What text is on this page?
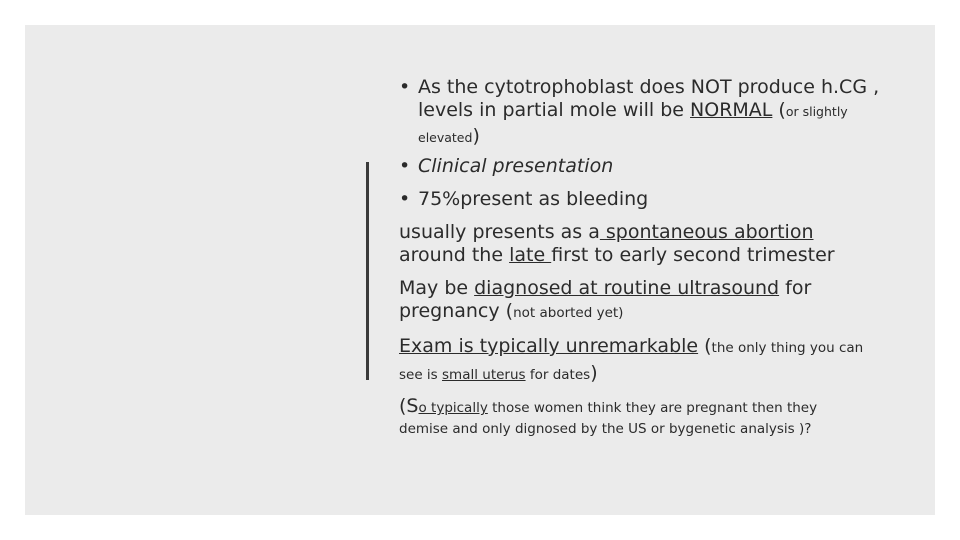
• As the cytotrophoblast does NOT produce h.CG ,
levels in partial mole will be NORMAL (or slightly
elevated)
• Clinical presentation
• 75%present as bleeding
usually presents as a spontaneous abortion
around the late first to early second trimester
May be diagnosed at routine ultrasound for
pregnancy (not aborted yet)
Exam is typically unremarkable (the only thing you can
see is small uterus for dates)
(So typically those women think they are pregnant then they
demise and only dignosed by the US or bygenetic analysis )?
